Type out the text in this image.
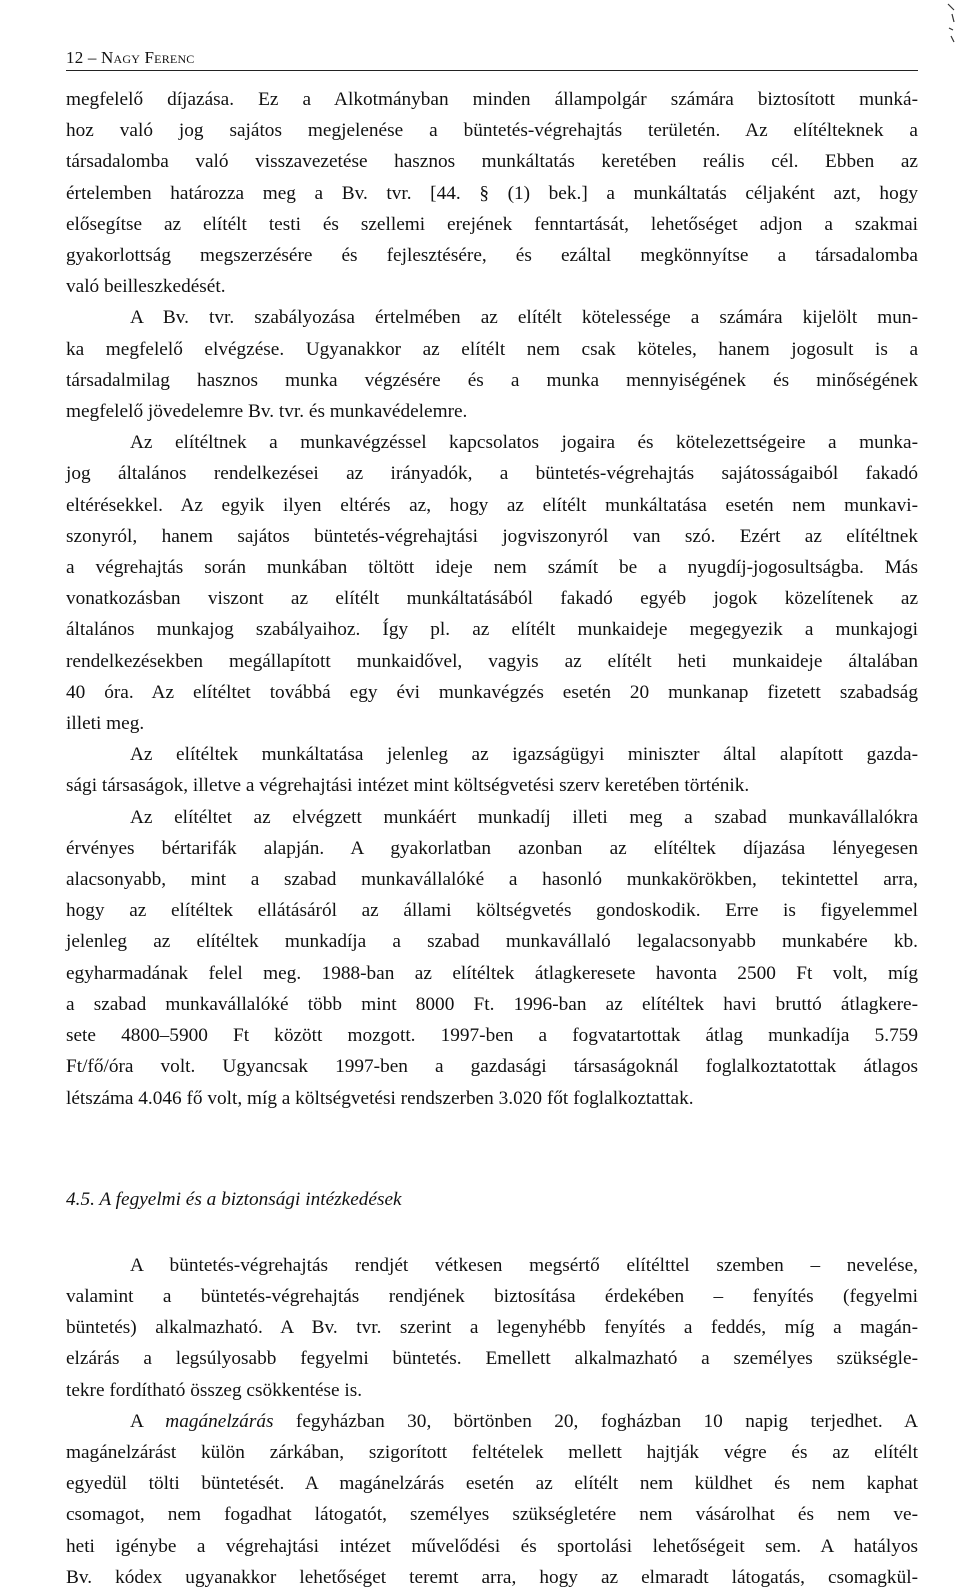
12 – Nagy Ferenc
megfelelő díjazása. Ez a Alkotmányban minden állampolgár számára biztosított munká-
hoz való jog sajátos megjelenése a büntetés-végrehajtás területén. Az elítélteknek a
társadalomba való visszavezetése hasznos munkáltatás keretében reális cél. Ebben az
értelemben határozza meg a Bv. tvr. [44. § (1) bek.] a munkáltatás céljaként azt, hogy
elősegítse az elítélt testi és szellemi erejének fenntartását, lehetőséget adjon a szakmai
gyakorlottság megszerzésére és fejlesztésére, és ezáltal megkönnyítse a társadalomba
való beilleszkedését.
A Bv. tvr. szabályozása értelmében az elítélt kötelessége a számára kijelölt mun-
ka megfelelő elvégzése. Ugyanakkor az elítélt nem csak köteles, hanem jogosult is a
társadalmilag hasznos munka végzésére és a munka mennyiségének és minőségének
megfelelő jövedelemre Bv. tvr. és munkavédelemre.
Az elítéltnek a munkavégzéssel kapcsolatos jogaira és kötelezettségeire a munka-
jog általános rendelkezései az irányadók, a büntetés-végrehajtás sajátosságaiból fakadó
eltérésekkel. Az egyik ilyen eltérés az, hogy az elítélt munkáltatása esetén nem munkavi-
szonyról, hanem sajátos büntetés-végrehajtási jogviszonyról van szó. Ezért az elítéltnek
a végrehajtás során munkában töltött ideje nem számít be a nyugdíj-jogosultságba. Más
vonatkozásban viszont az elítélt munkáltatásából fakadó egyéb jogok közelítenek az
általános munkajog szabályaihoz. Így pl. az elítélt munkaideje megegyezik a munkajogi
rendelkezésekben megállapított munkaidővel, vagyis az elítélt heti munkaideje általában
40 óra. Az elítéltet továbbá egy évi munkavégzés esetén 20 munkanap fizetett szabadság
illeti meg.
Az elítéltek munkáltatása jelenleg az igazságügyi miniszter által alapított gazda-
sági társaságok, illetve a végrehajtási intézet mint költségvetési szerv keretében történik.
Az elítéltet az elvégzett munkáért munkadíj illeti meg a szabad munkavállalókra
érvényes bértarifák alapján. A gyakorlatban azonban az elítéltek díjazása lényegesen
alacsonyabb, mint a szabad munkavállalóké a hasonló munkakörökben, tekintettel arra,
hogy az elítéltek ellátásáról az állami költségvetés gondoskodik. Erre is figyelemmel
jelenleg az elítéltek munkadíja a szabad munkavállaló legalacsonyabb munkabére kb.
egyharmadának felel meg. 1988-ban az elítéltek átlagkeresete havonta 2500 Ft volt, míg
a szabad munkavállalóké több mint 8000 Ft. 1996-ban az elítéltek havi bruttó átlagkere-
sete 4800–5900 Ft között mozgott. 1997-ben a fogvatartottak átlag munkadíja 5.759
Ft/fő/óra volt. Ugyancsak 1997-ben a gazdasági társaságoknál foglalkoztatottak átlagos
létszáma 4.046 fő volt, míg a költségvetési rendszerben 3.020 főt foglalkoztattak.
4.5. A fegyelmi és a biztonsági intézkedések
A büntetés-végrehajtás rendjét vétkesen megsértő elítélttel szemben – nevelése,
valamint a büntetés-végrehajtás rendjének biztosítása érdekében – fenyítés (fegyelmi
büntetés) alkalmazható. A Bv. tvr. szerint a legenyhébb fenyítés a feddés, míg a magán-
elzárás a legsúlyosabb fegyelmi büntetés. Emellett alkalmazható a személyes szükségle-
tekre fordítható összeg csökkentése is.
A magánelzárás fegyházban 30, börtönben 20, fogházban 10 napig terjedhet. A
magánelzárást külön zárkában, szigorított feltételek mellett hajtják végre és az elítélt
egyedül tölti büntetését. A magánelzárás esetén az elítélt nem küldhet és nem kaphat
csomagot, nem fogadhat látogatót, személyes szükségletére nem vásárolhat és nem ve-
heti igénybe a végrehajtási intézet művelődési és sportolási lehetőségeit sem. A hatályos
Bv. kódex ugyanakkor lehetőséget teremt arra, hogy az elmaradt látogatás, csomagkül-
